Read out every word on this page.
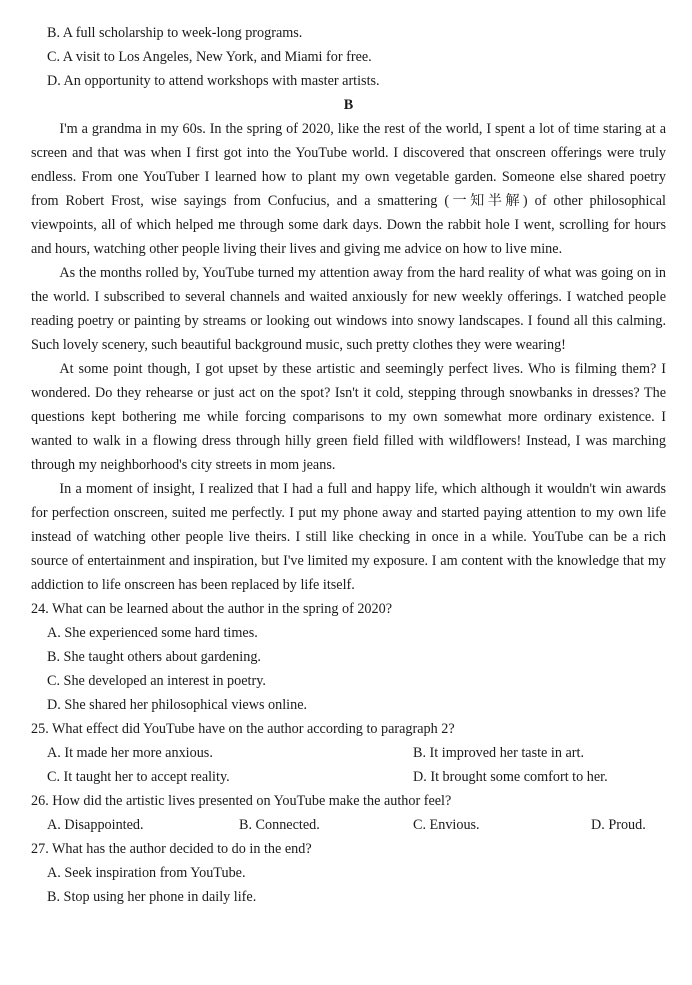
B. A full scholarship to week-long programs.
C. A visit to Los Angeles, New York, and Miami for free.
D. An opportunity to attend workshops with master artists.

B

I'm a grandma in my 60s. In the spring of 2020, like the rest of the world, I spent a lot of time staring at a screen and that was when I first got into the YouTube world. I discovered that onscreen offerings were truly endless. From one YouTuber I learned how to plant my own vegetable garden. Someone else shared poetry from Robert Frost, wise sayings from Confucius, and a smattering (一知半解) of other philosophical viewpoints, all of which helped me through some dark days. Down the rabbit hole I went, scrolling for hours and hours, watching other people living their lives and giving me advice on how to live mine.

As the months rolled by, YouTube turned my attention away from the hard reality of what was going on in the world. I subscribed to several channels and waited anxiously for new weekly offerings. I watched people reading poetry or painting by streams or looking out windows into snowy landscapes. I found all this calming. Such lovely scenery, such beautiful background music, such pretty clothes they were wearing!

At some point though, I got upset by these artistic and seemingly perfect lives. Who is filming them? I wondered. Do they rehearse or just act on the spot? Isn't it cold, stepping through snowbanks in dresses? The questions kept bothering me while forcing comparisons to my own somewhat more ordinary existence. I wanted to walk in a flowing dress through hilly green field filled with wildflowers! Instead, I was marching through my neighborhood's city streets in mom jeans.

In a moment of insight, I realized that I had a full and happy life, which although it wouldn't win awards for perfection onscreen, suited me perfectly. I put my phone away and started paying attention to my own life instead of watching other people live theirs. I still like checking in once in a while. YouTube can be a rich source of entertainment and inspiration, but I've limited my exposure. I am content with the knowledge that my addiction to life onscreen has been replaced by life itself.

24. What can be learned about the author in the spring of 2020?

A. She experienced some hard times.
B. She taught others about gardening.
C. She developed an interest in poetry.
D. She shared her philosophical views online.

25. What effect did YouTube have on the author according to paragraph 2?

A. It made her more anxious.	B. It improved her taste in art.
C. It taught her to accept reality.	D. It brought some comfort to her.

26. How did the artistic lives presented on YouTube make the author feel?

A. Disappointed.	B. Connected.	C. Envious.	D. Proud.

27. What has the author decided to do in the end?

A. Seek inspiration from YouTube.
B. Stop using her phone in daily life.
